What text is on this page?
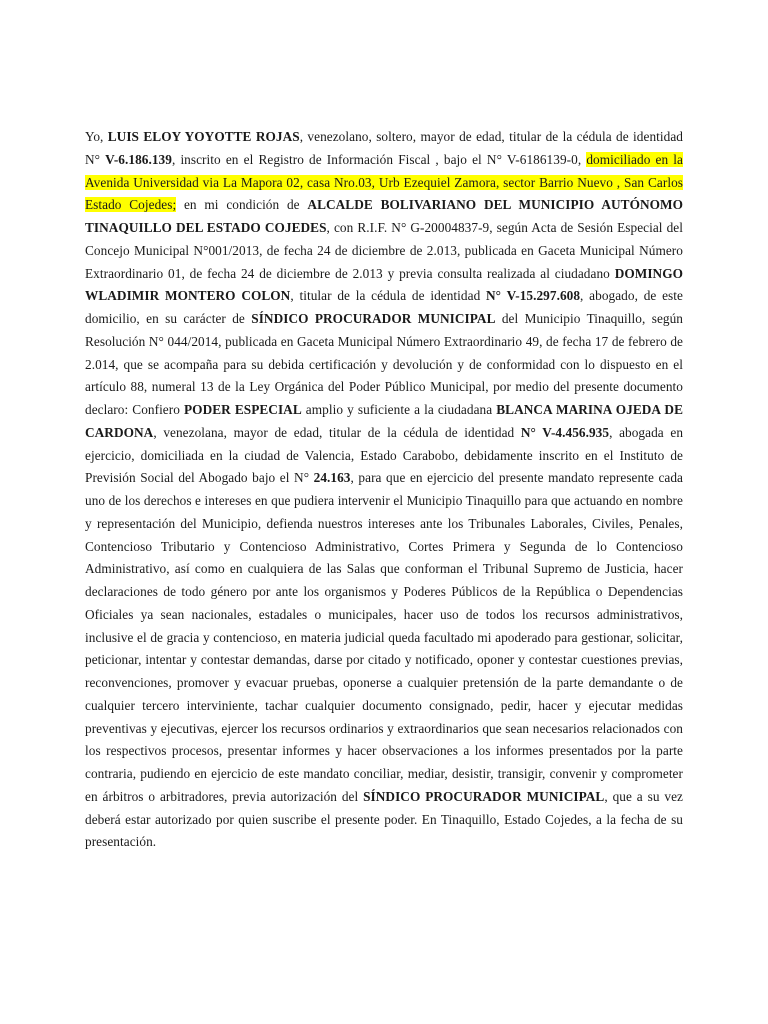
Yo, LUIS ELOY YOYOTTE ROJAS, venezolano, soltero, mayor de edad, titular de la cédula de identidad N° V-6.186.139, inscrito en el Registro de Información Fiscal , bajo el N° V-6186139-0, domiciliado en la Avenida Universidad via La Mapora 02, casa Nro.03, Urb Ezequiel Zamora, sector Barrio Nuevo , San Carlos Estado Cojedes; en mi condición de ALCALDE BOLIVARIANO DEL MUNICIPIO AUTÓNOMO TINAQUILLO DEL ESTADO COJEDES, con R.I.F. N° G-20004837-9, según Acta de Sesión Especial del Concejo Municipal N°001/2013, de fecha 24 de diciembre de 2.013, publicada en Gaceta Municipal Número Extraordinario 01, de fecha 24 de diciembre de 2.013 y previa consulta realizada al ciudadano DOMINGO WLADIMIR MONTERO COLON, titular de la cédula de identidad N° V-15.297.608, abogado, de este domicilio, en su carácter de SÍNDICO PROCURADOR MUNICIPAL del Municipio Tinaquillo, según Resolución N° 044/2014, publicada en Gaceta Municipal Número Extraordinario 49, de fecha 17 de febrero de 2.014, que se acompaña para su debida certificación y devolución y de conformidad con lo dispuesto en el artículo 88, numeral 13 de la Ley Orgánica del Poder Público Municipal, por medio del presente documento declaro: Confiero PODER ESPECIAL amplio y suficiente a la ciudadana BLANCA MARINA OJEDA DE CARDONA, venezolana, mayor de edad, titular de la cédula de identidad N° V-4.456.935, abogada en ejercicio, domiciliada en la ciudad de Valencia, Estado Carabobo, debidamente inscrito en el Instituto de Previsión Social del Abogado bajo el N° 24.163, para que en ejercicio del presente mandato represente cada uno de los derechos e intereses en que pudiera intervenir el Municipio Tinaquillo para que actuando en nombre y representación del Municipio, defienda nuestros intereses ante los Tribunales Laborales, Civiles, Penales, Contencioso Tributario y Contencioso Administrativo, Cortes Primera y Segunda de lo Contencioso Administrativo, así como en cualquiera de las Salas que conforman el Tribunal Supremo de Justicia, hacer declaraciones de todo género por ante los organismos y Poderes Públicos de la República o Dependencias Oficiales ya sean nacionales, estadales o municipales, hacer uso de todos los recursos administrativos, inclusive el de gracia y contencioso, en materia judicial queda facultado mi apoderado para gestionar, solicitar, peticionar, intentar y contestar demandas, darse por citado y notificado, oponer y contestar cuestiones previas, reconvenciones, promover y evacuar pruebas, oponerse a cualquier pretensión de la parte demandante o de cualquier tercero interviniente, tachar cualquier documento consignado, pedir, hacer y ejecutar medidas preventivas y ejecutivas, ejercer los recursos ordinarios y extraordinarios que sean necesarios relacionados con los respectivos procesos, presentar informes y hacer observaciones a los informes presentados por la parte contraria, pudiendo en ejercicio de este mandato conciliar, mediar, desistir, transigir, convenir y comprometer en árbitros o arbitradores, previa autorización del SÍNDICO PROCURADOR MUNICIPAL, que a su vez deberá estar autorizado por quien suscribe el presente poder. En Tinaquillo, Estado Cojedes, a la fecha de su presentación.
